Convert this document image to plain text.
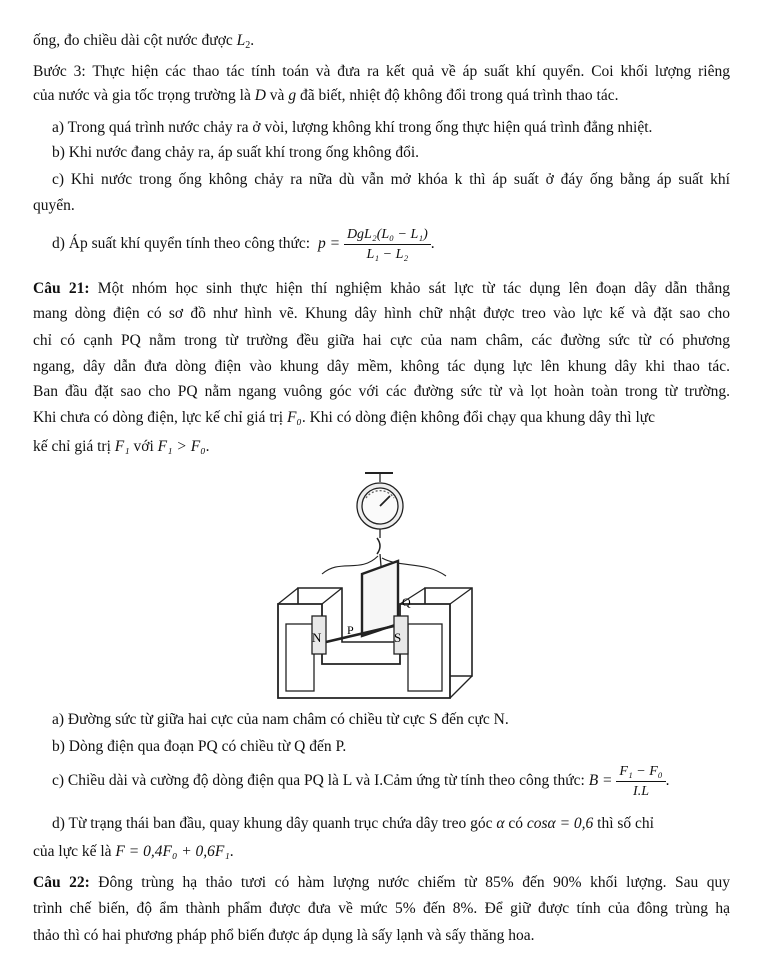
ống, đo chiều dài cột nước được $L_2$.
Bước 3: Thực hiện các thao tác tính toán và đưa ra kết quả về áp suất khí quyển. Coi khối lượng riêng
của nước và gia tốc trọng trường là D và g đã biết, nhiệt độ không đổi trong quá trình thao tác.
a) Trong quá trình nước chảy ra ở vòi, lượng không khí trong ống thực hiện quá trình đẳng nhiệt.
b) Khi nước đang chảy ra, áp suất khí trong ống không đổi.
c) Khi nước trong ống không chảy ra nữa dù vẫn mở khóa k thì áp suất ở đáy ống bằng áp suất khí
quyển.
d) Áp suất khí quyển tính theo công thức: $p = \frac{\text{DgL₂(L₀ − L₁)}}{\text{L₁ − L₂}}$ .
Câu 21: Một nhóm học sinh thực hiện thí nghiệm khảo sát lực từ tác dụng lên đoạn dây dẫn thẳng
mang dòng điện có sơ đồ như hình vẽ. Khung dây hình chữ nhật được treo vào lực kế và đặt sao cho
chỉ có cạnh PQ nằm trong từ trường đều giữa hai cực của nam châm, các đường sức từ có phương
ngang, dây dẫn đưa dòng điện vào khung dây mềm, không tác dụng lực lên khung dây khi thao tác.
Ban đầu đặt sao cho PQ nằm ngang vuông góc với các đường sức từ và lọt hoàn toàn trong từ trường.
Khi chưa có dòng điện, lực kế chỉ giá trị F₀. Khi có dòng điện không đổi chạy qua khung dây thì lực
kế chỉ giá trị F₁ với F₁ > F₀.
N P
Q
S
a) Đường sức từ giữa hai cực của nam châm có chiều từ cực S đến cực N.
b) Dòng điện qua đoạn PQ có chiều từ Q đến P.
c) Chiều dài và cường độ dòng điện qua PQ là L và I.Cảm ứng từ tính theo công thức: $B = \frac{\text{F₁ − F₀}}{I.L}$ .
d) Từ trạng thái ban đầu, quay khung dây quanh trục chứa dây treo góc α có cosα = 0,6 thì số chỉ
của lực kế là F = 0,4F₀ + 0,6F₁.
Câu 22: Đông trùng hạ thảo tươi có hàm lượng nước chiếm từ 85% đến 90% khối lượng. Sau quy
trình chế biến, độ ẩm thành phẩm được đưa về mức 5% đến 8%. Để giữ được tính của đông trùng hạ
thảo thì có hai phương pháp phổ biến được áp dụng là sấy lạnh và sấy thăng hoa.
